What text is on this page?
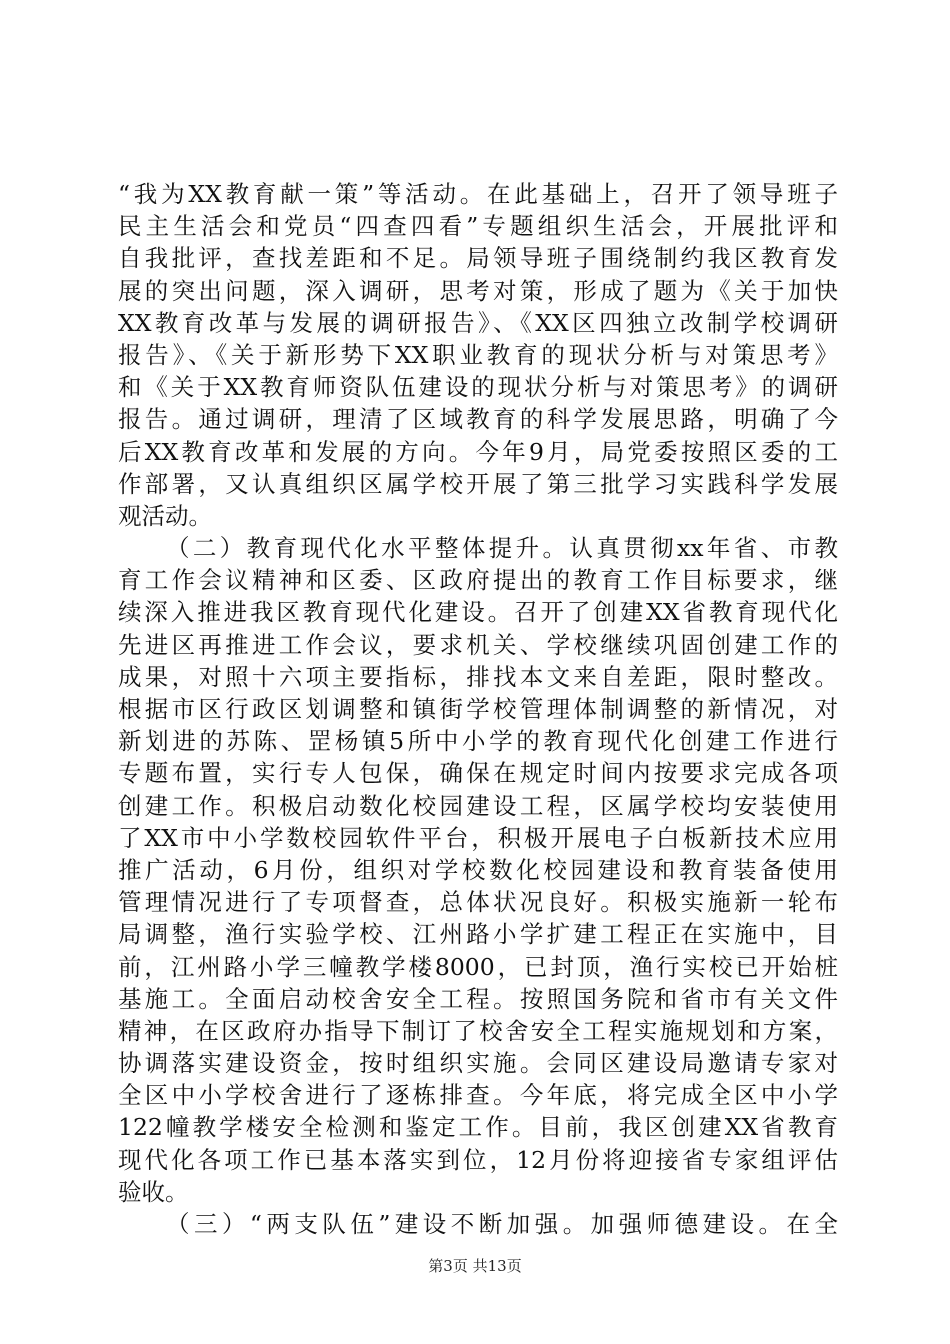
“我为XX教育献一策”等活动。在此基础上，召开了领导班子
民主生活会和党员“四查四看”专题组织生活会，开展批评和
自我批评，查找差距和不足。局领导班子围绕制约我区教育发
展的突出问题，深入调研，思考对策，形成了题为《关于加快
XX教育改革与发展的调研报告》、《XX区四独立改制学校调研
报告》、《关于新形势下XX职业教育的现状分析与对策思考》
和《关于XX教育师资队伍建设的现状分析与对策思考》的调研
报告。通过调研，理清了区域教育的科学发展思路，明确了今
后XX教育改革和发展的方向。今年9月，局党委按照区委的工
作部署，又认真组织区属学校开展了第三批学习实践科学发展
观活动。
（二）教育现代化水平整体提升。认真贯彻xx年省、市教
育工作会议精神和区委、区政府提出的教育工作目标要求，继
续深入推进我区教育现代化建设。召开了创建XX省教育现代化
先进区再推进工作会议，要求机关、学校继续巩固创建工作的
成果，对照十六项主要指标，排找本文来自差距，限时整改。
根据市区行政区划调整和镇街学校管理体制调整的新情况，对
新划进的苏陈、罡杨镇5所中小学的教育现代化创建工作进行
专题布置，实行专人包保，确保在规定时间内按要求完成各项
创建工作。积极启动数化校园建设工程，区属学校均安装使用
了XX市中小学数校园软件平台，积极开展电子白板新技术应用
推广活动，6月份，组织对学校数化校园建设和教育装备使用
管理情况进行了专项督查，总体状况良好。积极实施新一轮布
局调整，渔行实验学校、江州路小学扩建工程正在实施中，目
前，江州路小学三幢教学楼8000，已封顶，渔行实校已开始桩
基施工。全面启动校舍安全工程。按照国务院和省市有关文件
精神，在区政府办指导下制订了校舍安全工程实施规划和方案，
协调落实建设资金，按时组织实施。会同区建设局邀请专家对
全区中小学校舍进行了逐栋排查。今年底，将完成全区中小学
122幢教学楼安全检测和鉴定工作。目前，我区创建XX省教育
现代化各项工作已基本落实到位，12月份将迎接省专家组评估
验收。
（三）“两支队伍”建设不断加强。加强师德建设。在全
第3页 共13页
